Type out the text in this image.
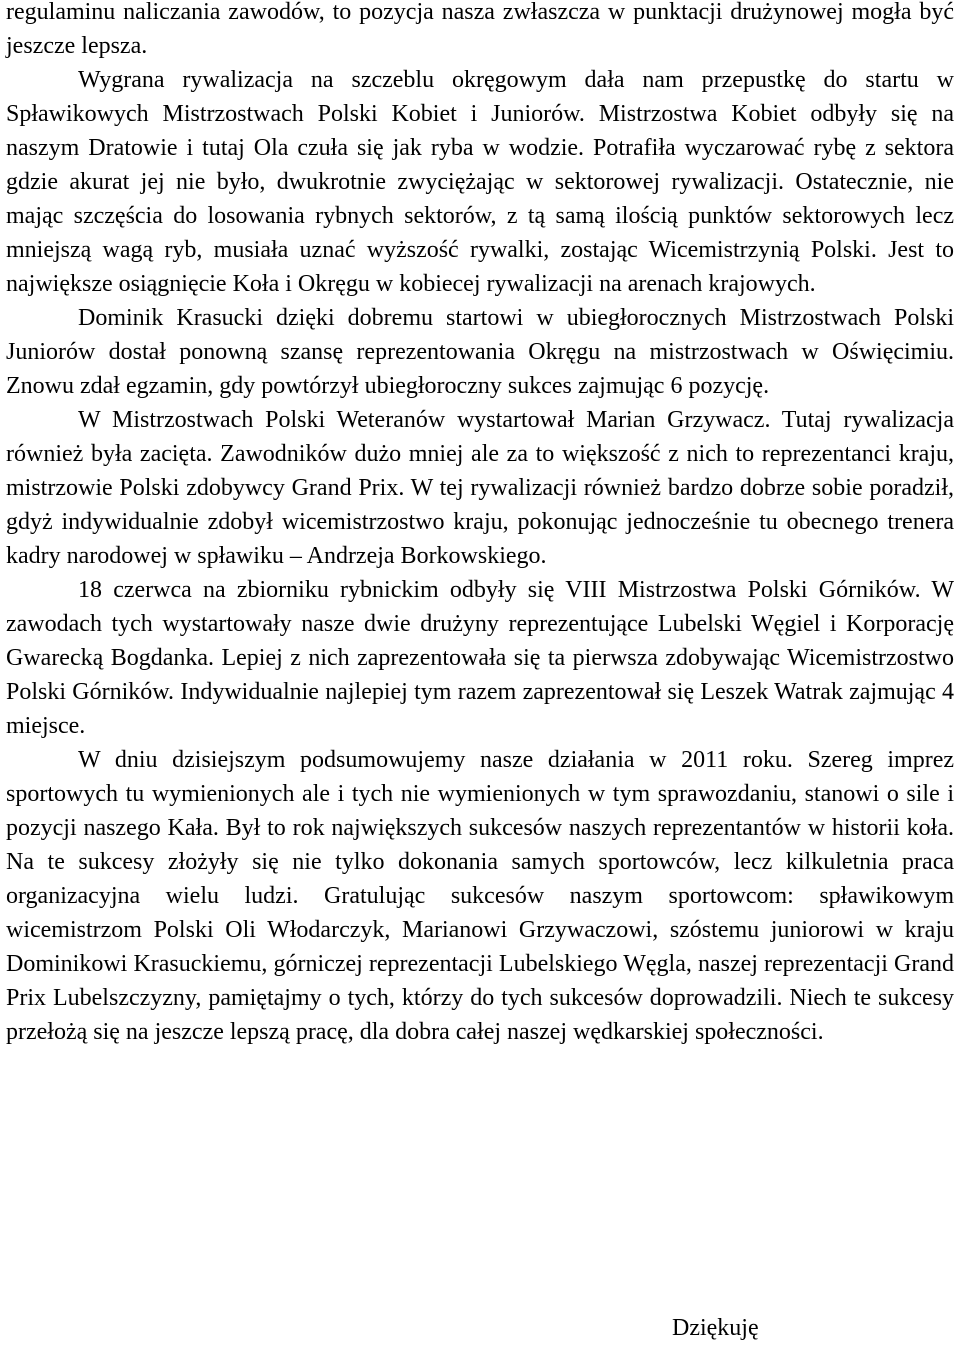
regulaminu naliczania zawodów, to pozycja nasza zwłaszcza w punktacji drużynowej mogła być jeszcze lepsza.

Wygrana rywalizacja na szczeblu okręgowym dała nam przepustkę do startu w Spławikowych Mistrzostwach Polski Kobiet i Juniorów. Mistrzostwa Kobiet odbyły się na naszym Dratowie i tutaj Ola czuła się jak ryba w wodzie. Potrafiła wyczarować rybę z sektora gdzie akurat jej nie było, dwukrotnie zwyciężając w sektorowej rywalizacji. Ostatecznie, nie mając szczęścia do losowania rybnych sektorów, z tą samą ilością punktów sektorowych lecz mniejszą wagą ryb, musiała uznać wyższość rywalki, zostając Wicemistrzynią Polski. Jest to największe osiągnięcie Koła i Okręgu w kobiecej rywalizacji na arenach krajowych.

Dominik Krasucki dzięki dobremu startowi w ubiegłorocznych Mistrzostwach Polski Juniorów dostał ponowną szansę reprezentowania Okręgu na mistrzostwach w Oświęcimiu. Znowu zdał egzamin, gdy powtórzył ubiegłoroczny sukces zajmując 6 pozycję.

W Mistrzostwach Polski Weteranów wystartował Marian Grzywacz. Tutaj rywalizacja również była zacięta. Zawodników dużo mniej ale za to większość z nich to reprezentanci kraju, mistrzowie Polski zdobywcy Grand Prix. W tej rywalizacji również bardzo dobrze sobie poradził, gdyż indywidualnie zdobył wicemistrzostwo kraju, pokonując jednocześnie tu obecnego trenera kadry narodowej w spławiku – Andrzeja Borkowskiego.

18 czerwca na zbiorniku rybnickim odbyły się VIII Mistrzostwa Polski Górników. W zawodach tych wystartowały nasze dwie drużyny reprezentujące Lubelski Węgiel i Korporację Gwarecką Bogdanka. Lepiej z nich zaprezentowała się ta pierwsza zdobywając Wicemistrzostwo Polski Górników. Indywidualnie najlepiej tym razem zaprezentował się Leszek Watrak zajmując 4 miejsce.

W dniu dzisiejszym podsumowujemy nasze działania w 2011 roku. Szereg imprez sportowych tu wymienionych ale i tych nie wymienionych w tym sprawozdaniu, stanowi o sile i pozycji naszego Kała. Był to rok największych sukcesów naszych reprezentantów w historii koła. Na te sukcesy złożyły się nie tylko dokonania samych sportowców, lecz kilkuletnia praca organizacyjna wielu ludzi. Gratulując sukcesów naszym sportowcom: spławikowym wicemistrzom Polski Oli Włodarczyk, Marianowi Grzywaczowi, szóstemu juniorowi w kraju Dominikowi Krasuckiemu, górniczej reprezentacji Lubelskiego Węgla, naszej reprezentacji Grand Prix Lubelszczyzny, pamiętajmy o tych, którzy do tych sukcesów doprowadzili. Niech te sukcesy przełożą się na jeszcze lepszą pracę, dla dobra całej naszej wędkarskiej społeczności.

Dziękuję
